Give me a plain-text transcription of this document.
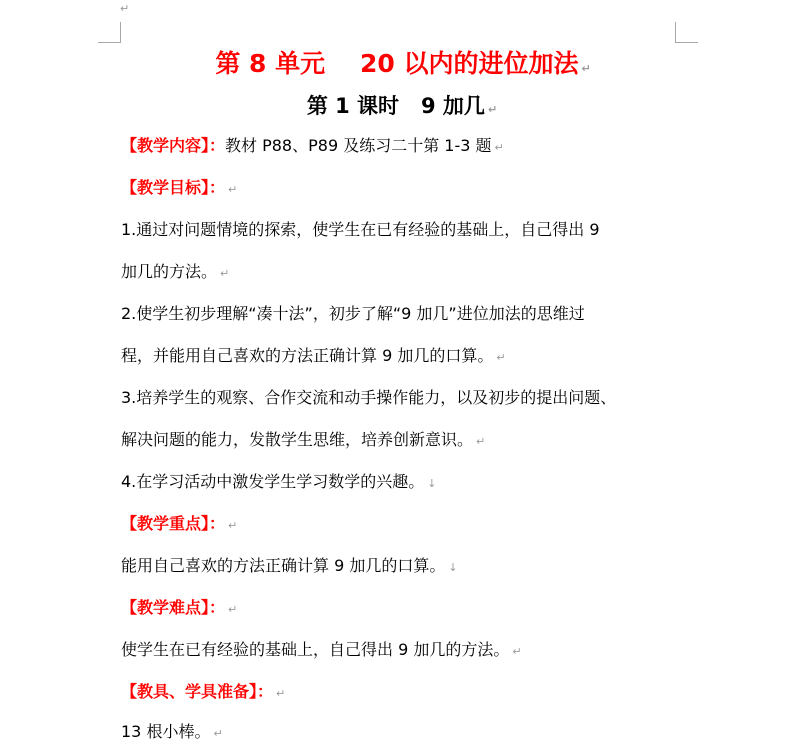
↵
第 8 单元 20 以内的进位加法 ↵
第 1 课时 9 加几 ↵
【教学内容】：教材 P88、P89 及练习二十第 1-3 题 ↵
【教学目标】： ↵
1.通过对问题情境的探索，使学生在已有经验的基础上，自己得出 9
加几的方法。 ↵
2.使学生初步理解“凑十法”，初步了解“9 加几”进位加法的思维过
程，并能用自己喜欢的方法正确计算 9 加几的口算。 ↵
3.培养学生的观察、合作交流和动手操作能力，以及初步的提出问题、
解决问题的能力，发散学生思维，培养创新意识。 ↵
4.在学习活动中激发学生学习数学的兴趣。 ↓
【教学重点】： ↵
能用自己喜欢的方法正确计算 9 加几的口算。 ↓
【教学难点】： ↵
使学生在已有经验的基础上，自己得出 9 加几的方法。 ↵
【教具、学具准备】： ↵
13 根小棒。 ↵
